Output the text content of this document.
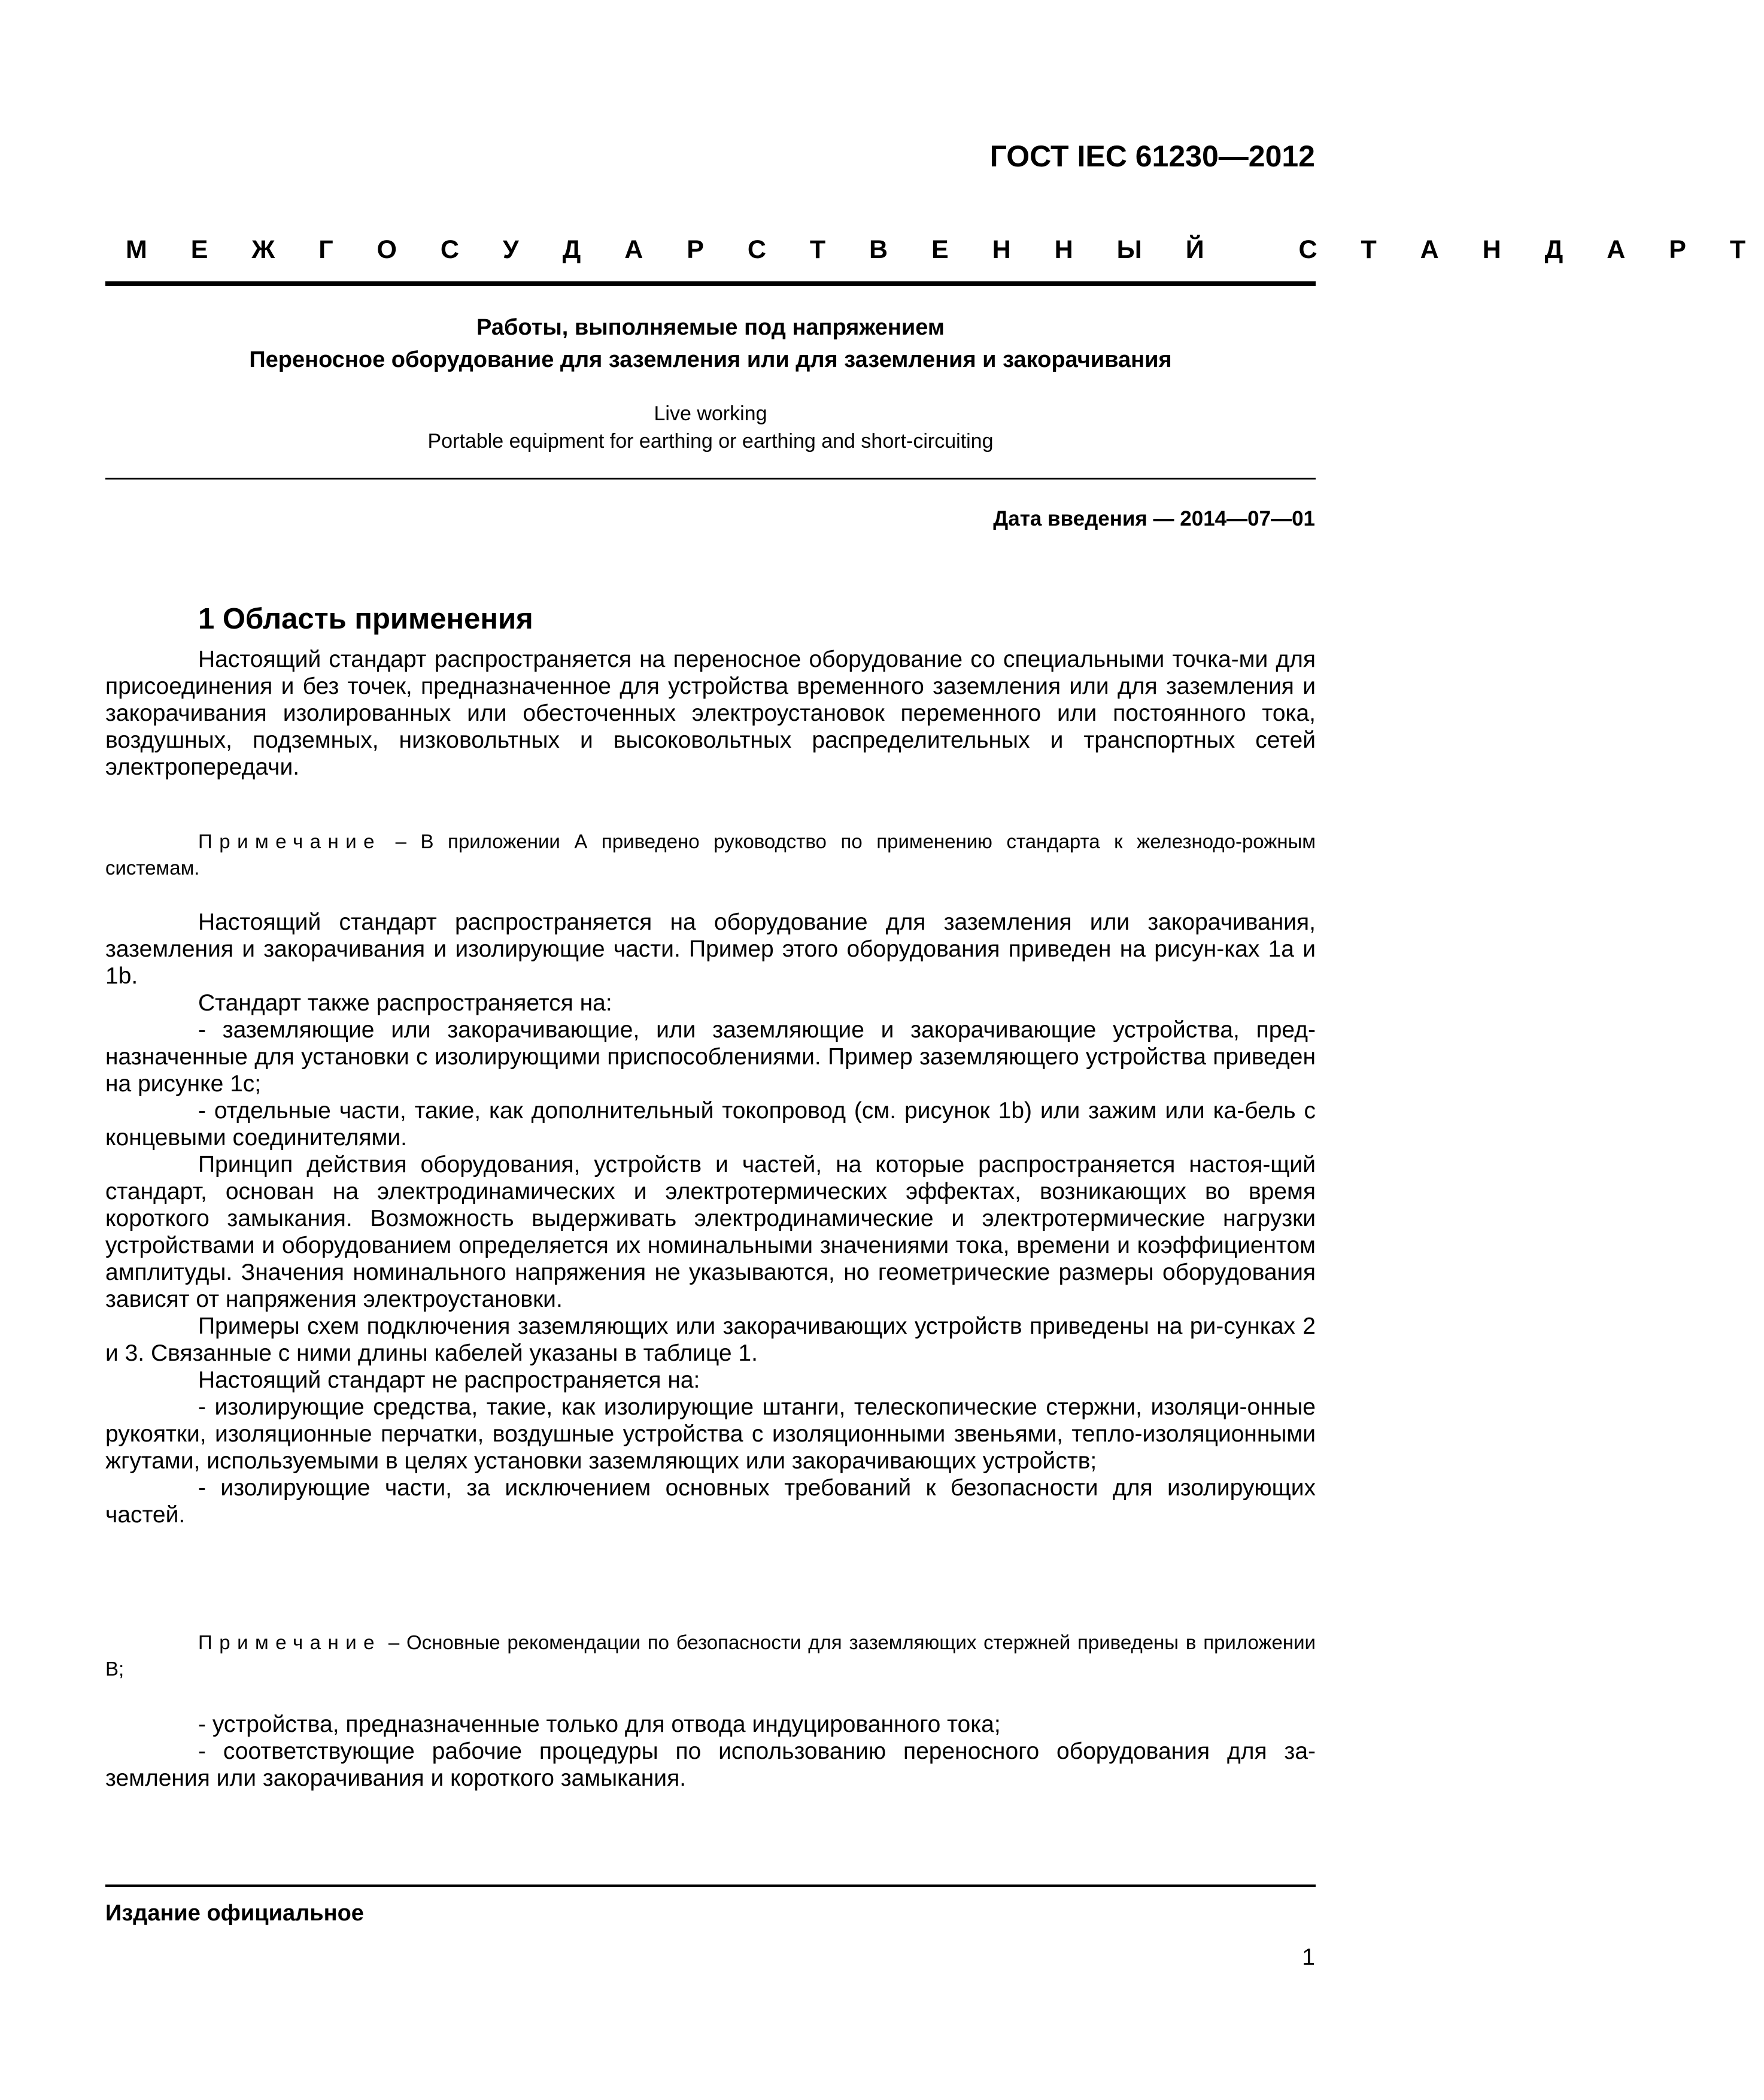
ГОСТ IEC 61230—2012
М Е Ж Г О С У Д А Р С Т В Е Н Н Ы Й   С Т А Н Д А Р Т
Работы, выполняемые под напряжением
Переносное оборудование для заземления или для заземления и закорачивания
Live working
Portable equipment for earthing or earthing and short-circuiting
Дата введения — 2014—07—01
1 Область применения

Настоящий стандарт распространяется на переносное оборудование со специальными точка-ми для присоединения и без точек, предназначенное для устройства временного заземления или для заземления и закорачивания изолированных или обесточенных электроустановок переменного или постоянного тока, воздушных, подземных, низковольтных и высоковольтных распределительных и транспортных сетей электропередачи.

Примечание – В приложении А приведено руководство по применению стандарта к железнодо-рожным системам.

Настоящий стандарт распространяется на оборудование для заземления или закорачивания, заземления и закорачивания и изолирующие части. Пример этого оборудования приведен на рисун-ках 1а и 1b.

Стандарт также распространяется на:

- заземляющие или закорачивающие, или заземляющие и закорачивающие устройства, пред-назначенные для установки с изолирующими приспособлениями. Пример заземляющего устройства приведен на рисунке 1с;

- отдельные части, такие, как дополнительный токопровод (см. рисунок 1b) или зажим или ка-бель с концевыми соединителями.

Принцип действия оборудования, устройств и частей, на которые распространяется настоя-щий стандарт, основан на электродинамических и электротермических эффектах, возникающих во время короткого замыкания. Возможность выдерживать электродинамические и электротермические нагрузки устройствами и оборудованием определяется их номинальными значениями тока, времени и коэффициентом амплитуды. Значения номинального напряжения не указываются, но геометрические размеры оборудования зависят от напряжения электроустановки.

Примеры схем подключения заземляющих или закорачивающих устройств приведены на ри-сунках 2 и 3. Связанные с ними длины кабелей указаны в таблице 1.

Настоящий стандарт не распространяется на:

- изолирующие средства, такие, как изолирующие штанги, телескопические стержни, изоляци-онные рукоятки, изоляционные перчатки, воздушные устройства с изоляционными звеньями, тепло-изоляционными жгутами, используемыми в целях установки заземляющих или закорачивающих устройств;

- изолирующие части, за исключением основных требований к безопасности для изолирующих частей.

Примечание – Основные рекомендации по безопасности для заземляющих стержней приведены в приложении В;

- устройства, предназначенные только для отвода индуцированного тока;

- соответствующие рабочие процедуры по использованию переносного оборудования для за-земления или закорачивания и короткого замыкания.

Издание официальное
1
